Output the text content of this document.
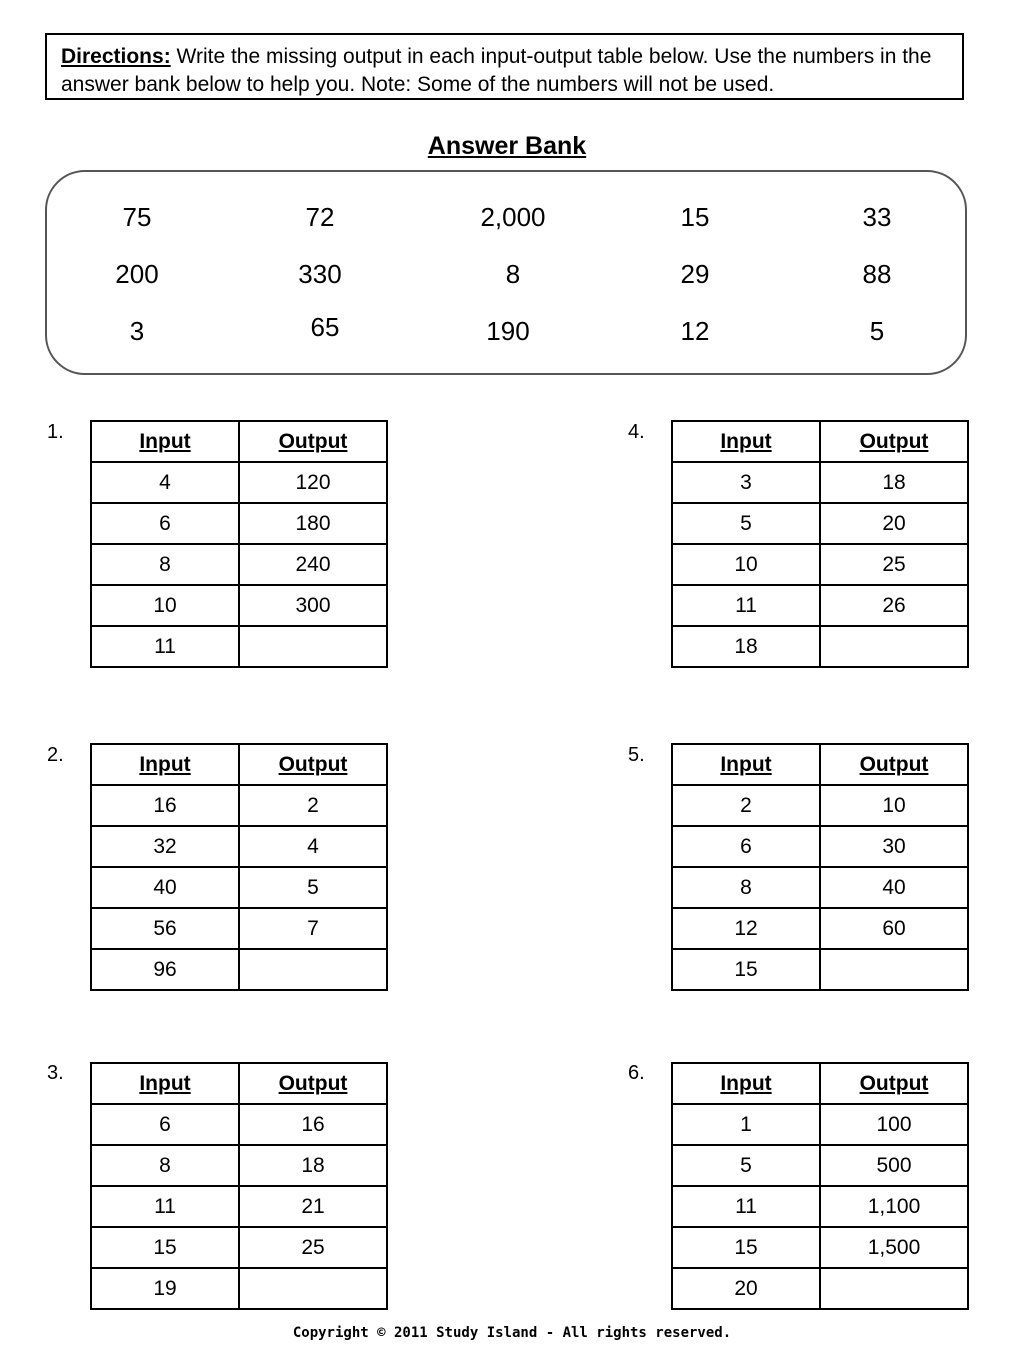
Directions: Write the missing output in each input-output table below. Use the numbers in the answer bank below to help you. Note: Some of the numbers will not be used.
Answer Bank
75	72	2,000	15	33
200	330	8	29	88
3	65	190	12	5
1.	Input	Output
4	120
6	180
8	240
10	300
11	
2.	Input	Output
16	2
32	4
40	5
56	7
96	
3.	Input	Output
6	16
8	18
11	21
15	25
19	
4.	Input	Output
3	18
5	20
10	25
11	26
18	
5.	Input	Output
2	10
6	30
8	40
12	60
15	
6.	Input	Output
1	100
5	500
11	1,100
15	1,500
20	
Copyright © 2011 Study Island - All rights reserved.
